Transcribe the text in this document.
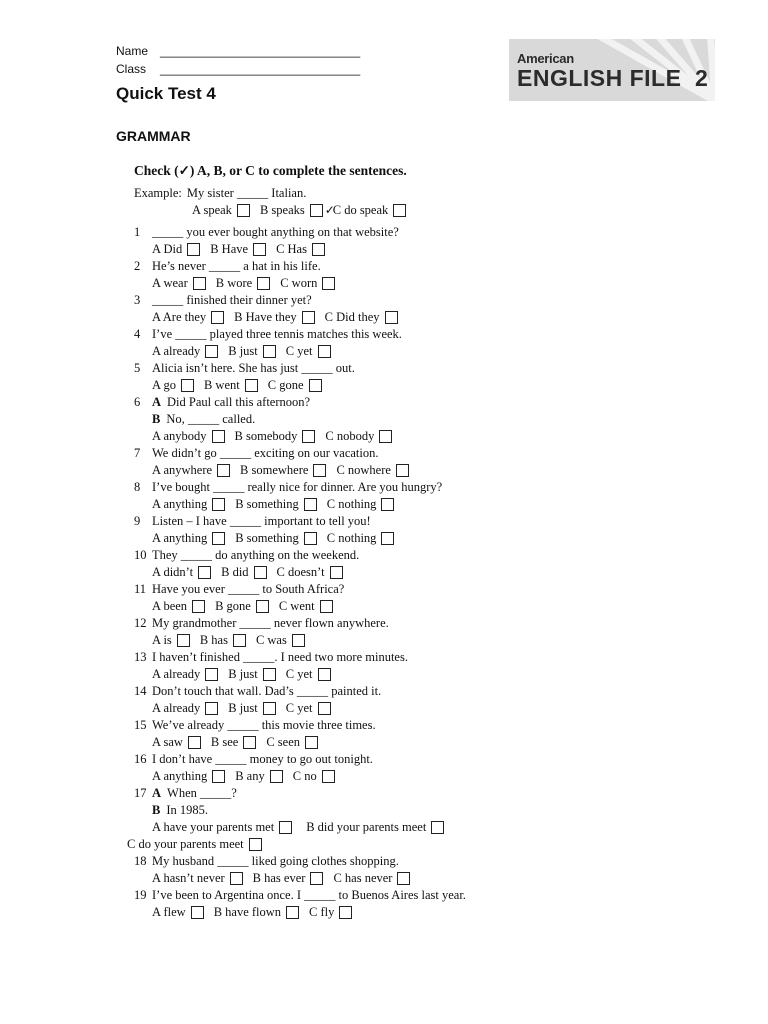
Name ______________________________
Class ______________________________
American
ENGLISH FILE 2
Quick Test 4
GRAMMAR
Check (✓) A, B, or C to complete the sentences.
Example: My sister _____ Italian.
A speak B speaks ✓
C do speak
1 _____ you ever bought anything on that website?
A Did B Have C Has
2 He’s never _____ a hat in his life.
A wear B wore C worn
3 _____ finished their dinner yet?
A Are they B Have they C Did they
4 I’ve _____ played three tennis matches this week.
A already B just C yet
5 Alicia isn’t here. She has just _____ out.
A go B went C gone
6 A Did Paul call this afternoon?
B No, _____ called.
A anybody B somebody C nobody
7 We didn’t go _____ exciting on our vacation.
A anywhere B somewhere C nowhere
8 I’ve bought _____ really nice for dinner. Are you hungry?
A anything B something C nothing
9 Listen – I have _____ important to tell you!
A anything B something C nothing
10 They _____ do anything on the weekend.
A didn’t B did C doesn’t
11 Have you ever _____ to South Africa?
A been B gone C went
12 My grandmother _____ never flown anywhere.
A is B has C was
13 I haven’t finished _____. I need two more minutes.
A already B just C yet
14 Don’t touch that wall. Dad’s _____ painted it.
A already B just C yet
15 We’ve already _____ this movie three times.
A saw B see C seen
16 I don’t have _____ money to go out tonight.
A anything B any C no
17 A When _____?
B In 1985.
A have your parents met	B did your parents meet
C do your parents meet
18 My husband _____ liked going clothes shopping.
A hasn’t never B has ever C has never
19 I’ve been to Argentina once. I _____ to Buenos Aires last year.
A flew B have flown C fly
